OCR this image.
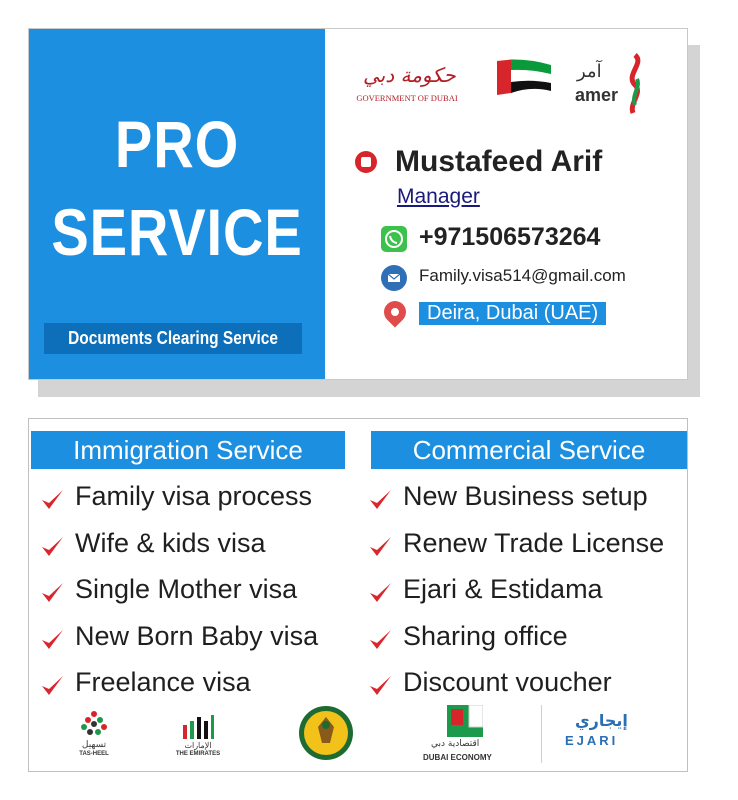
PRO
SERVICE
Documents Clearing Service
حكومة دبي
GOVERNMENT OF DUBAI
آمر
amer
Mustafeed Arif
Manager
+971506573264
Family.visa514@gmail.com
Deira, Dubai (UAE)
Immigration Service	Commercial Service
Family visa process
Wife & kids visa
Single Mother visa
New Born Baby visa
Freelance visa
New Business setup
Renew Trade License
Ejari & Estidama
Sharing office
Discount voucher
تسهيل
TAS-HEEL
الإمارات
THE EMIRATES
اقتصادية دبي
DUBAI ECONOMY
إيجاري
EJARI
